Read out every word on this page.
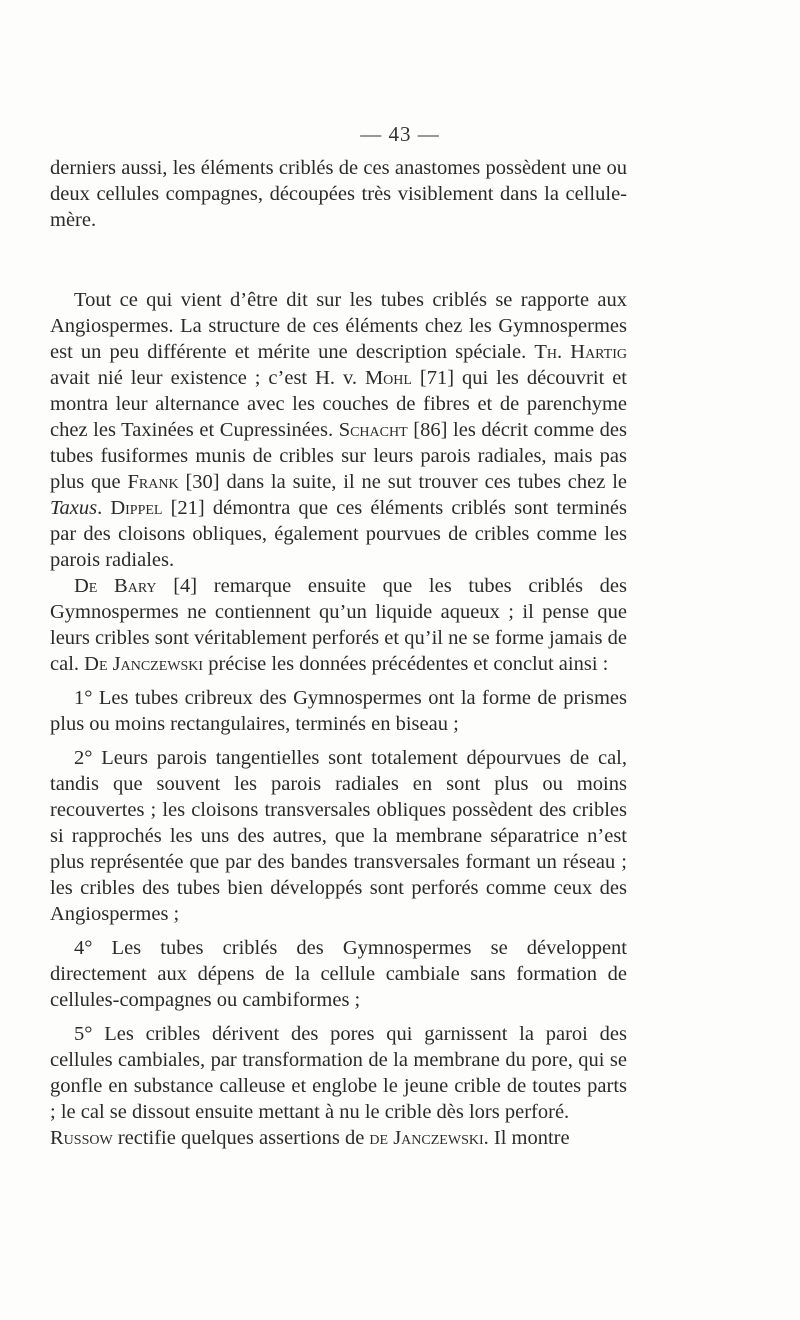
— 43 —

derniers aussi, les éléments criblés de ces anastomes possèdent une ou deux cellules compagnes, découpées très visiblement dans la cellule-mère.

Tout ce qui vient d’être dit sur les tubes criblés se rapporte aux Angiospermes. La structure de ces éléments chez les Gymnospermes est un peu différente et mérite une description spéciale. Th. Hartig avait nié leur existence ; c’est H. v. Mohl [71] qui les découvrit et montra leur alternance avec les couches de fibres et de parenchyme chez les Taxinées et Cupressinées. Schacht [86] les décrit comme des tubes fusiformes munis de cribles sur leurs parois radiales, mais pas plus que Frank [30] dans la suite, il ne sut trouver ces tubes chez le Taxus. Dippel [21] démontra que ces éléments criblés sont terminés par des cloisons obliques, également pourvues de cribles comme les parois radiales.

De Bary [4] remarque ensuite que les tubes criblés des Gymnospermes ne contiennent qu’un liquide aqueux ; il pense que leurs cribles sont véritablement perforés et qu’il ne se forme jamais de cal. De Janczewski précise les données précédentes et conclut ainsi :

1° Les tubes cribreux des Gymnospermes ont la forme de prismes plus ou moins rectangulaires, terminés en biseau ;

2° Leurs parois tangentielles sont totalement dépourvues de cal, tandis que souvent les parois radiales en sont plus ou moins recouvertes ; les cloisons transversales obliques possèdent des cribles si rapprochés les uns des autres, que la membrane séparatrice n’est plus représentée que par des bandes transversales formant un réseau ; les cribles des tubes bien développés sont perforés comme ceux des Angiospermes ;

4° Les tubes criblés des Gymnospermes se développent directement aux dépens de la cellule cambiale sans formation de cellules-compagnes ou cambiformes ;

5° Les cribles dérivent des pores qui garnissent la paroi des cellules cambiales, par transformation de la membrane du pore, qui se gonfle en substance calleuse et englobe le jeune crible de toutes parts ; le cal se dissout ensuite mettant à nu le crible dès lors perforé.

Russow rectifie quelques assertions de de Janczewski. Il montre
